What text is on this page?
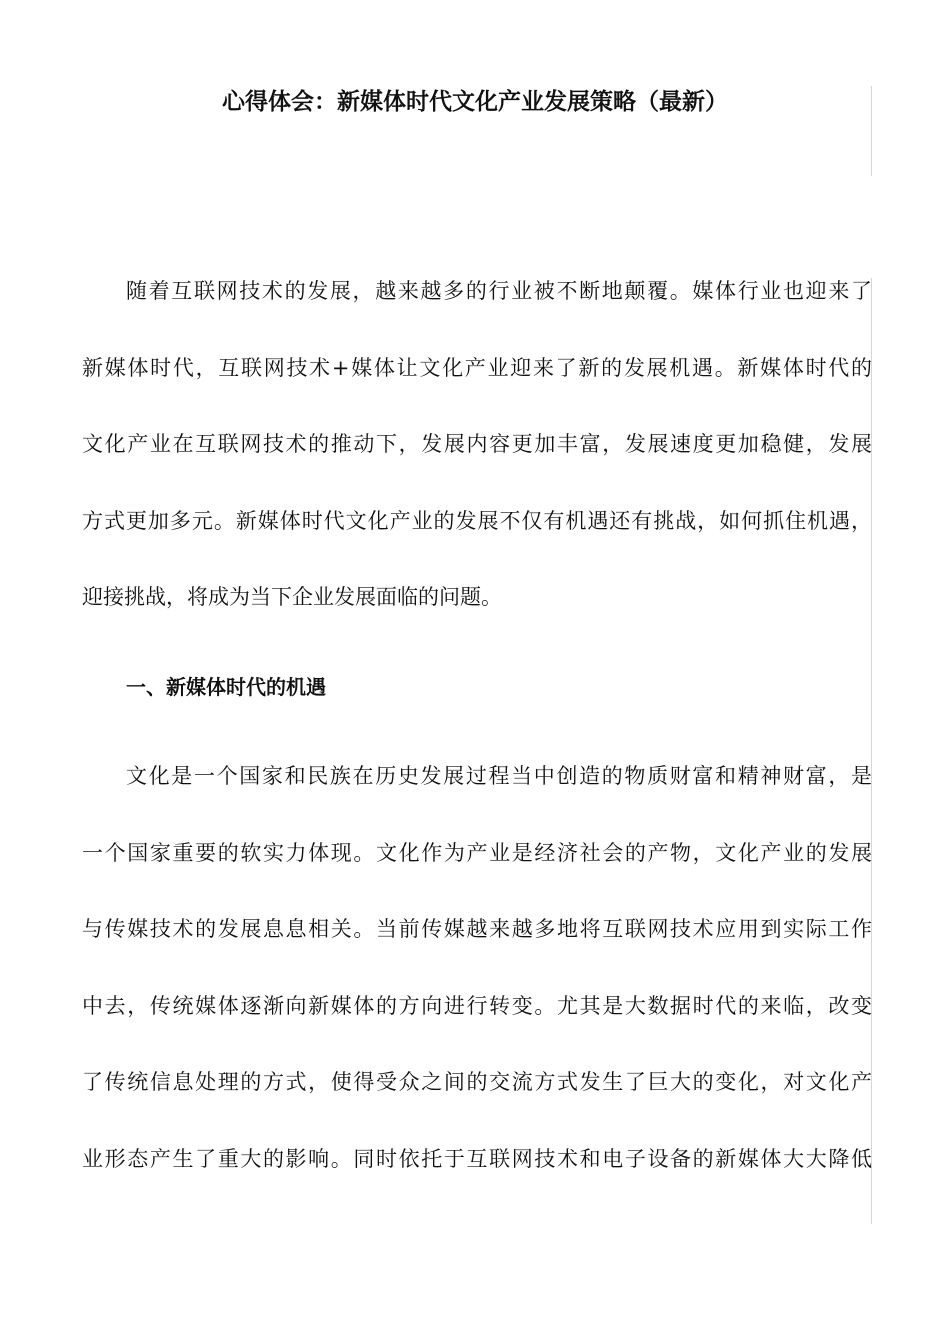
心得体会：新媒体时代文化产业发展策略（最新）
随着互联网技术的发展，越来越多的行业被不断地颠覆。媒体行业也迎来了
新媒体时代，互联网技术+媒体让文化产业迎来了新的发展机遇。新媒体时代的
文化产业在互联网技术的推动下，发展内容更加丰富，发展速度更加稳健，发展
方式更加多元。新媒体时代文化产业的发展不仅有机遇还有挑战，如何抓住机遇，
迎接挑战，将成为当下企业发展面临的问题。
一、新媒体时代的机遇
文化是一个国家和民族在历史发展过程当中创造的物质财富和精神财富，是
一个国家重要的软实力体现。文化作为产业是经济社会的产物，文化产业的发展
与传媒技术的发展息息相关。当前传媒越来越多地将互联网技术应用到实际工作
中去，传统媒体逐渐向新媒体的方向进行转变。尤其是大数据时代的来临，改变
了传统信息处理的方式，使得受众之间的交流方式发生了巨大的变化，对文化产
业形态产生了重大的影响。同时依托于互联网技术和电子设备的新媒体大大降低
